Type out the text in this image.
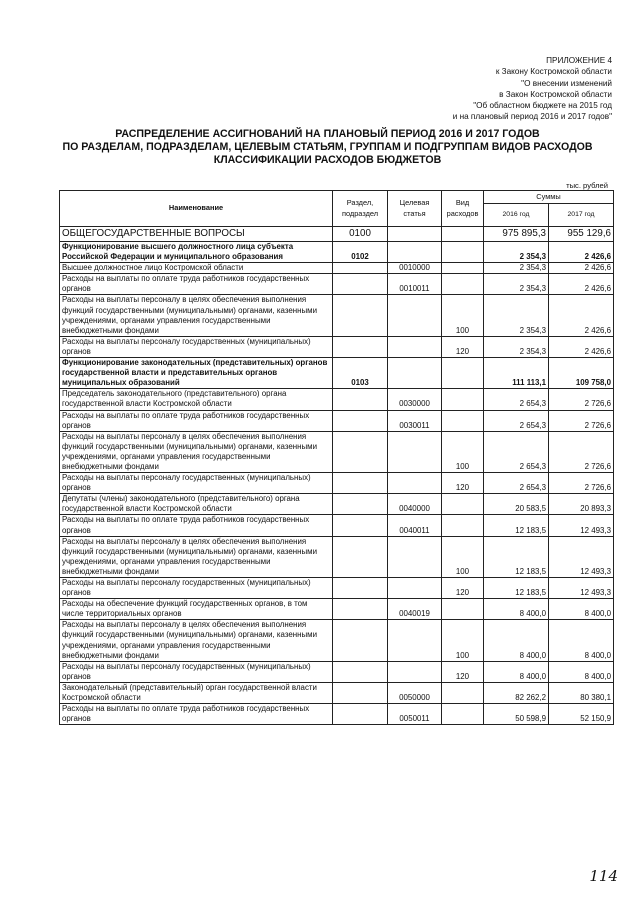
ПРИЛОЖЕНИЕ 4
к Закону Костромской области
"О внесении изменений
в Закон Костромской области
"Об областном бюджете на 2015 год
и на плановый период 2016 и 2017 годов"
РАСПРЕДЕЛЕНИЕ АССИГНОВАНИЙ НА ПЛАНОВЫЙ ПЕРИОД 2016 И 2017 ГОДОВ
ПО РАЗДЕЛАМ, ПОДРАЗДЕЛАМ, ЦЕЛЕВЫМ СТАТЬЯМ, ГРУППАМ И ПОДГРУППАМ ВИДОВ РАСХОДОВ
КЛАССИФИКАЦИИ РАСХОДОВ БЮДЖЕТОВ
тыс. рублей
Наименование	Раздел, подраздел	Целевая статья	Вид расходов	Суммы	
				2016 год	2017 год
ОБЩЕГОСУДАРСТВЕННЫЕ ВОПРОСЫ	0100			975 895,3	955 129,6
Функционирование высшего должностного лица субъекта Российской Федерации и муниципального образования	0102			2 354,3	2 426,6
Высшее должностное лицо Костромской области		0010000		2 354,3	2 426,6
Расходы на выплаты по оплате труда работников государственных органов		0010011		2 354,3	2 426,6
Расходы на выплаты персоналу в целях обеспечения выполнения функций государственными (муниципальными) органами, казенными учреждениями, органами управления государственными внебюджетными фондами			100	2 354,3	2 426,6
Расходы на выплаты персоналу государственных (муниципальных) органов			120	2 354,3	2 426,6
Функционирование законодательных (представительных) органов государственной власти и представительных органов муниципальных образований	0103			111 113,1	109 758,0
Председатель законодательного (представительного) органа государственной власти Костромской области		0030000		2 654,3	2 726,6
Расходы на выплаты по оплате труда работников государственных органов		0030011		2 654,3	2 726,6
Расходы на выплаты персоналу в целях обеспечения выполнения функций государственными (муниципальными) органами, казенными учреждениями, органами управления государственными внебюджетными фондами			100	2 654,3	2 726,6
Расходы на выплаты персоналу государственных (муниципальных) органов			120	2 654,3	2 726,6
Депутаты (члены) законодательного (представительного) органа государственной власти Костромской области		0040000		20 583,5	20 893,3
Расходы на выплаты по оплате труда работников государственных органов		0040011		12 183,5	12 493,3
Расходы на выплаты персоналу в целях обеспечения выполнения функций государственными (муниципальными) органами, казенными учреждениями, органами управления государственными внебюджетными фондами			100	12 183,5	12 493,3
Расходы на выплаты персоналу государственных (муниципальных) органов			120	12 183,5	12 493,3
Расходы на обеспечение функций государственных органов, в том числе территориальных органов		0040019		8 400,0	8 400,0
Расходы на выплаты персоналу в целях обеспечения выполнения функций государственными (муниципальными) органами, казенными учреждениями, органами управления государственными внебюджетными фондами			100	8 400,0	8 400,0
Расходы на выплаты персоналу государственных (муниципальных) органов			120	8 400,0	8 400,0
Законодательный (представительный) орган государственной власти Костромской области		0050000		82 262,2	80 380,1
Расходы на выплаты по оплате труда работников государственных органов		0050011		50 598,9	52 150,9
114
